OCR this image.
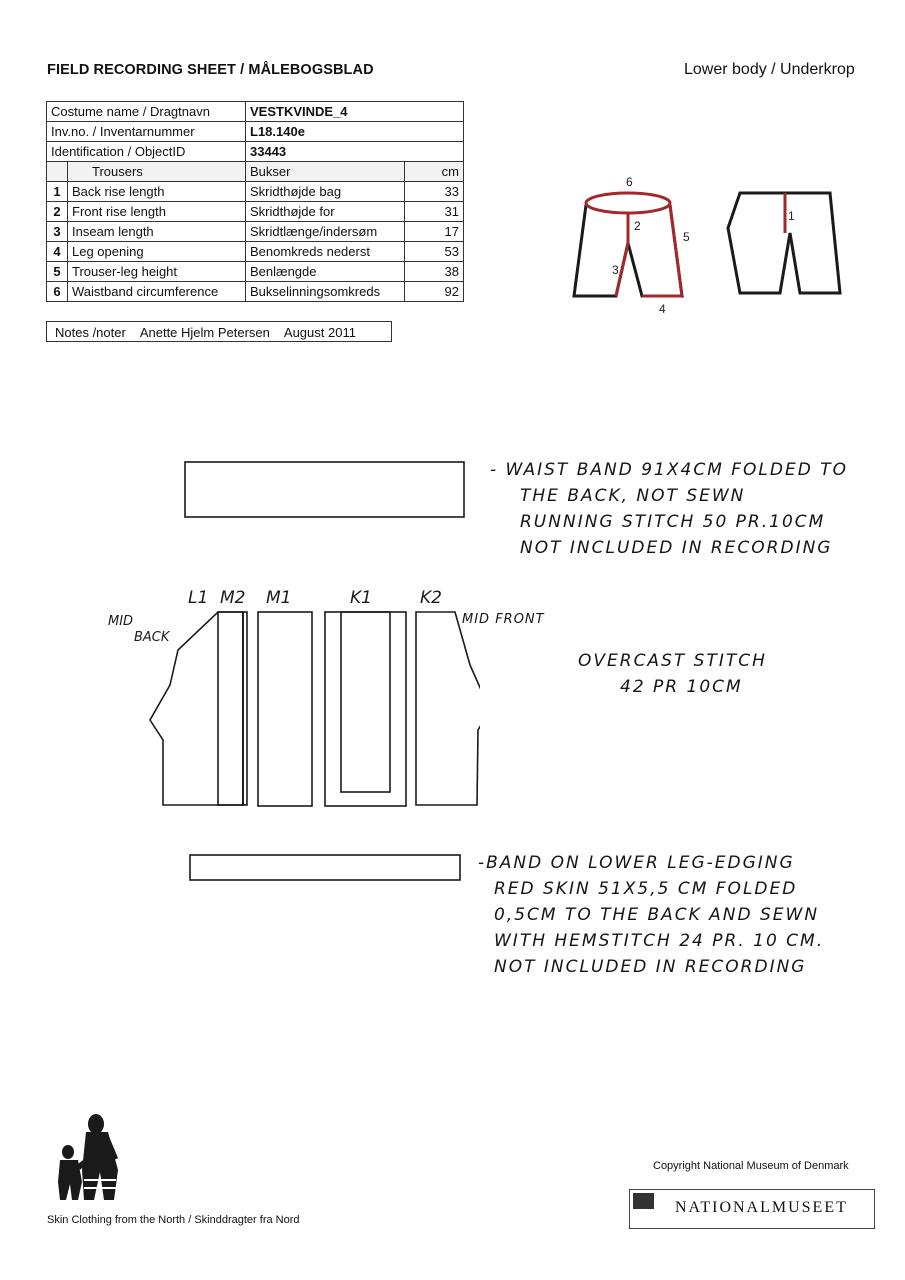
FIELD RECORDING SHEET / MÅLEBOGSBLAD	Lower body / Underkrop
Costume name / Dragtnavn		VESTKVINDE_4	
Inv.no. / Inventarnummer		L18.140e	
Identification / ObjectID		33443	
	Trousers	Bukser	cm
1	Back rise length	Skridthøjde bag	33
2	Front rise length	Skridthøjde for	31
3	Inseam length	Skridtlænge/indersøm	17
4	Leg opening	Benomkreds nederst	53
5	Trouser-leg height	Benlængde	38
6	Waistband circumference	Bukselinningsomkreds	92
Notes /noter Anette Hjelm Petersen August 2011
6
2
3
4
5
1
L1 M2 M1	K1	K2
MID
BACK
MID FRONT
- WAIST BAND 91X4CM FOLDED TO
THE BACK, NOT SEWN
RUNNING STITCH 50 PR.10CM
NOT INCLUDED IN RECORDING
OVERCAST STITCH
42 PR 10CM
-BAND ON LOWER LEG-EDGING
RED SKIN 51X5,5 CM FOLDED
0,5CM TO THE BACK AND SEWN
WITH HEMSTITCH 24 PR. 10 CM.
NOT INCLUDED IN RECORDING
Copyright National Museum of Denmark
Skin Clothing from the North / Skinddragter fra Nord
NATIONALMUSEET
